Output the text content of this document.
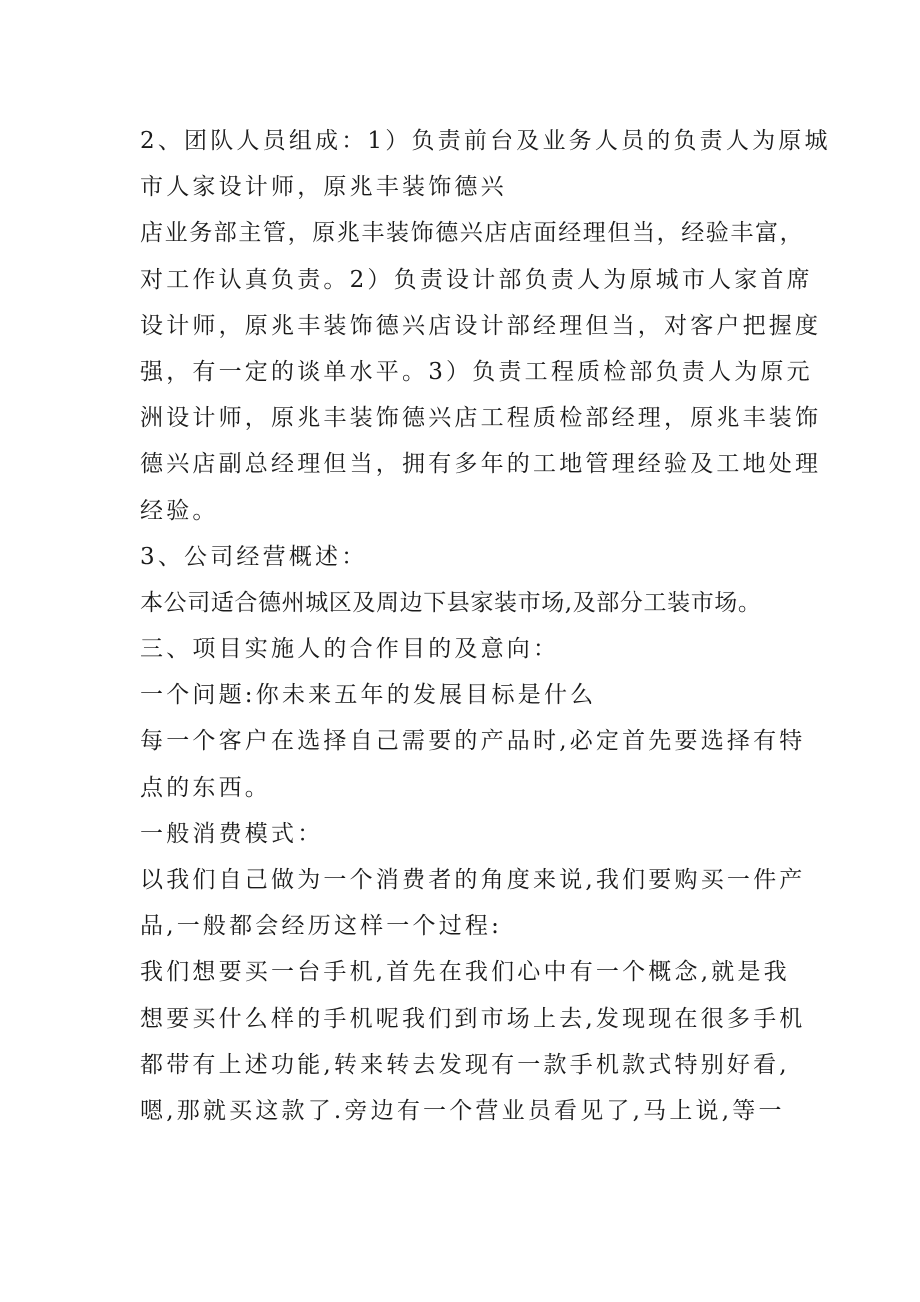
2、团队人员组成：1）负责前台及业务人员的负责人为原城
市人家设计师，原兆丰装饰德兴
店业务部主管，原兆丰装饰德兴店店面经理但当，经验丰富，
对工作认真负责。2）负责设计部负责人为原城市人家首席
设计师，原兆丰装饰德兴店设计部经理但当，对客户把握度
强，有一定的谈单水平。3）负责工程质检部负责人为原元
洲设计师，原兆丰装饰德兴店工程质检部经理，原兆丰装饰
德兴店副总经理但当，拥有多年的工地管理经验及工地处理
经验。
3、公司经营概述：
本公司适合德州城区及周边下县家装市场,及部分工装市场。
三、项目实施人的合作目的及意向：
一个问题:你未来五年的发展目标是什么
每一个客户在选择自己需要的产品时,必定首先要选择有特
点的东西。
一般消费模式：
以我们自己做为一个消费者的角度来说,我们要购买一件产
品,一般都会经历这样一个过程:
我们想要买一台手机,首先在我们心中有一个概念,就是我
想要买什么样的手机呢我们到市场上去,发现现在很多手机
都带有上述功能,转来转去发现有一款手机款式特别好看,
嗯,那就买这款了.旁边有一个营业员看见了,马上说,等一
